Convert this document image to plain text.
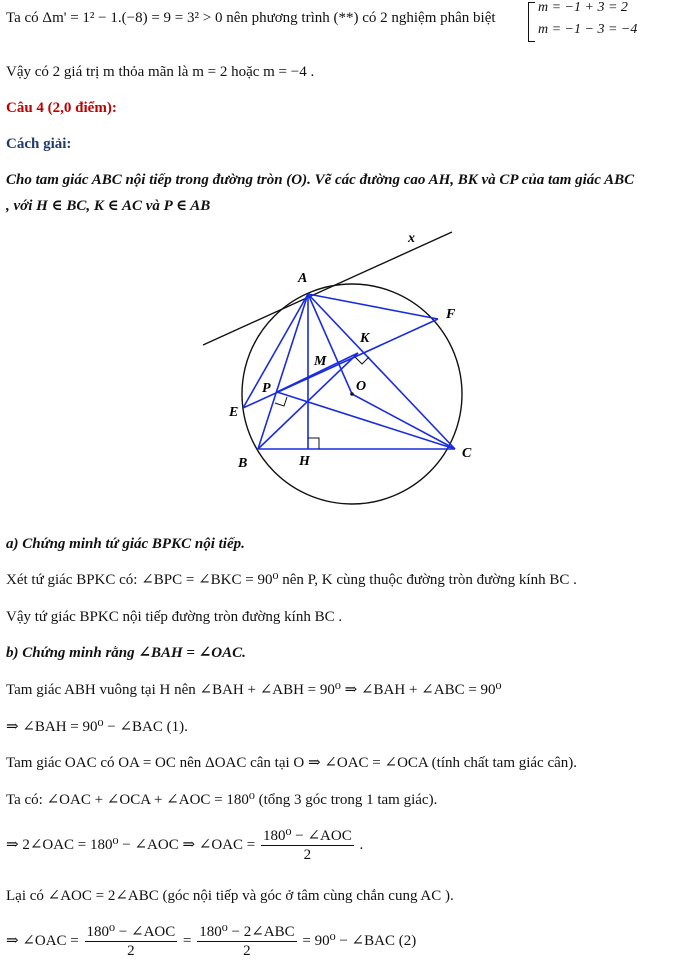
Ta có Δm' = 1² − 1.(−8) = 9 = 3² > 0 nên phương trình (**) có 2 nghiệm phân biệt
m = −1 + 3 = 2
m = −1 − 3 = −4
Vậy có 2 giá trị m thỏa mãn là m = 2 hoặc m = −4 .
Câu 4 (2,0 điểm):
Cách giải:
Cho tam giác ABC nội tiếp trong đường tròn (O). Vẽ các đường cao AH, BK và CP của tam giác ABC
, với H ∈ BC, K ∈ AC và P ∈ AB
x
A
F
K
M
O
P
E
B	H
C
a) Chứng minh tứ giác BPKC nội tiếp.
Xét tứ giác BPKC có: ∠BPC = ∠BKC = 90⁰ nên P, K cùng thuộc đường tròn đường kính BC .
Vậy tứ giác BPKC nội tiếp đường tròn đường kính BC .
b) Chứng minh rằng ∠BAH = ∠OAC.
Tam giác ABH vuông tại H nên ∠BAH + ∠ABH = 90⁰ ⇒ ∠BAH + ∠ABC = 90⁰
⇒ ∠BAH = 90⁰ − ∠BAC (1).
Tam giác OAC có OA = OC nên ΔOAC cân tại O ⇒ ∠OAC = ∠OCA (tính chất tam giác cân).
Ta có: ∠OAC + ∠OCA + ∠AOC = 180⁰ (tổng 3 góc trong 1 tam giác).
⇒ 2∠OAC = 180⁰ − ∠AOC ⇒ ∠OAC = $\frac{\text{180⁰ − ∠AOC}}{2}$ .
Lại có ∠AOC = 2∠ABC (góc nội tiếp và góc ở tâm cùng chắn cung AC ).
⇒ ∠OAC = $\frac{\text{180⁰ − ∠AOC}}{2} = \frac{\text{180⁰ − 2∠ABC}}{2} = 90^0$ − ∠BAC (2)
